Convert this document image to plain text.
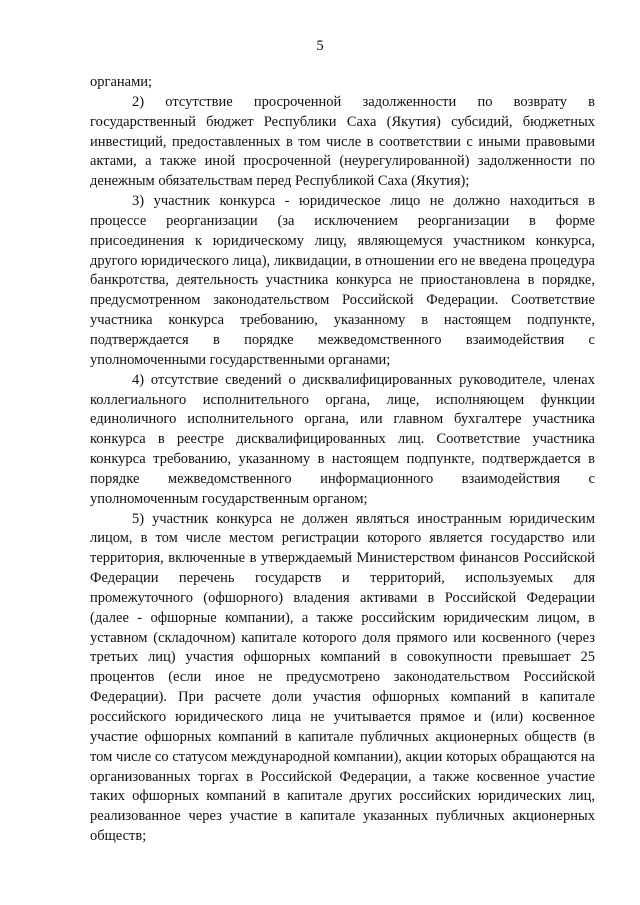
5

органами;

2) отсутствие просроченной задолженности по возврату в государственный бюджет Республики Саха (Якутия) субсидий, бюджетных инвестиций, предоставленных в том числе в соответствии с иными правовыми актами, а также иной просроченной (неурегулированной) задолженности по денежным обязательствам перед Республикой Саха (Якутия);

3) участник конкурса - юридическое лицо не должно находиться в процессе реорганизации (за исключением реорганизации в форме присоединения к юридическому лицу, являющемуся участником конкурса, другого юридического лица), ликвидации, в отношении его не введена процедура банкротства, деятельность участника конкурса не приостановлена в порядке, предусмотренном законодательством Российской Федерации. Соответствие участника конкурса требованию, указанному в настоящем подпункте, подтверждается в порядке межведомственного взаимодействия с уполномоченными государственными органами;

4) отсутствие сведений о дисквалифицированных руководителе, членах коллегиального исполнительного органа, лице, исполняющем функции единоличного исполнительного органа, или главном бухгалтере участника конкурса в реестре дисквалифицированных лиц. Соответствие участника конкурса требованию, указанному в настоящем подпункте, подтверждается в порядке межведомственного информационного взаимодействия с уполномоченным государственным органом;

5) участник конкурса не должен являться иностранным юридическим лицом, в том числе местом регистрации которого является государство или территория, включенные в утверждаемый Министерством финансов Российской Федерации перечень государств и территорий, используемых для промежуточного (офшорного) владения активами в Российской Федерации (далее - офшорные компании), а также российским юридическим лицом, в уставном (складочном) капитале которого доля прямого или косвенного (через третьих лиц) участия офшорных компаний в совокупности превышает 25 процентов (если иное не предусмотрено законодательством Российской Федерации). При расчете доли участия офшорных компаний в капитале российского юридического лица не учитывается прямое и (или) косвенное участие офшорных компаний в капитале публичных акционерных обществ (в том числе со статусом международной компании), акции которых обращаются на организованных торгах в Российской Федерации, а также косвенное участие таких офшорных компаний в капитале других российских юридических лиц, реализованное через участие в капитале указанных публичных акционерных обществ;
